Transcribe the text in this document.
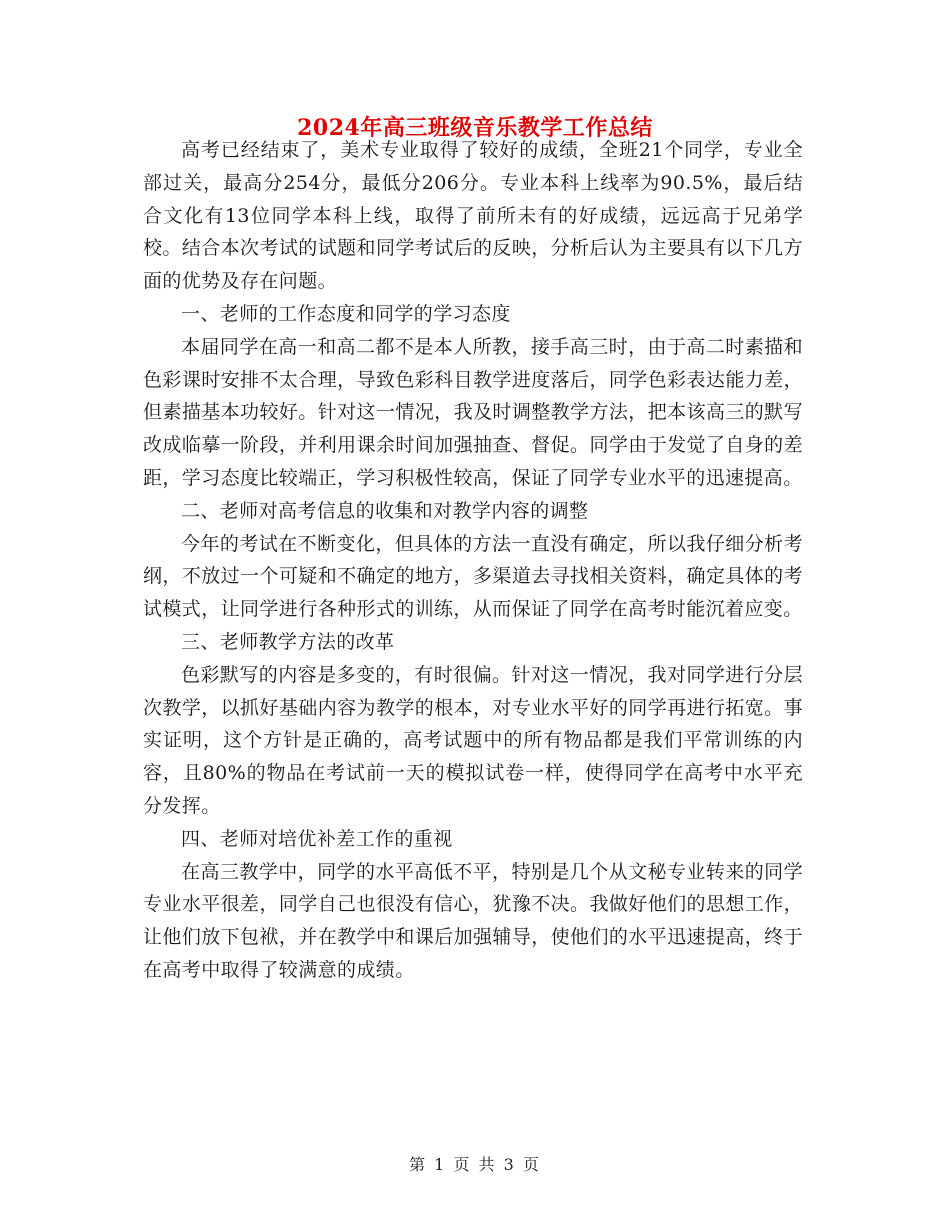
2024年高三班级音乐教学工作总结

高考已经结束了，美术专业取得了较好的成绩，全班21个同学，专业全部过关，最高分254分，最低分206分。专业本科上线率为90.5%，最后结合文化有13位同学本科上线，取得了前所未有的好成绩，远远高于兄弟学校。结合本次考试的试题和同学考试后的反映，分析后认为主要具有以下几方面的优势及存在问题。

一、老师的工作态度和同学的学习态度

本届同学在高一和高二都不是本人所教，接手高三时，由于高二时素描和色彩课时安排不太合理，导致色彩科目教学进度落后，同学色彩表达能力差，但素描基本功较好。针对这一情况，我及时调整教学方法，把本该高三的默写改成临摹一阶段，并利用课余时间加强抽查、督促。同学由于发觉了自身的差距，学习态度比较端正，学习积极性较高，保证了同学专业水平的迅速提高。

二、老师对高考信息的收集和对教学内容的调整

今年的考试在不断变化，但具体的方法一直没有确定，所以我仔细分析考纲，不放过一个可疑和不确定的地方，多渠道去寻找相关资料，确定具体的考试模式，让同学进行各种形式的训练，从而保证了同学在高考时能沉着应变。

三、老师教学方法的改革

色彩默写的内容是多变的，有时很偏。针对这一情况，我对同学进行分层次教学，以抓好基础内容为教学的根本，对专业水平好的同学再进行拓宽。事实证明，这个方针是正确的，高考试题中的所有物品都是我们平常训练的内容，且80%的物品在考试前一天的模拟试卷一样，使得同学在高考中水平充分发挥。

四、老师对培优补差工作的重视

在高三教学中，同学的水平高低不平，特别是几个从文秘专业转来的同学专业水平很差，同学自己也很没有信心，犹豫不决。我做好他们的思想工作，让他们放下包袱，并在教学中和课后加强辅导，使他们的水平迅速提高，终于在高考中取得了较满意的成绩。

第 1 页 共 3 页
